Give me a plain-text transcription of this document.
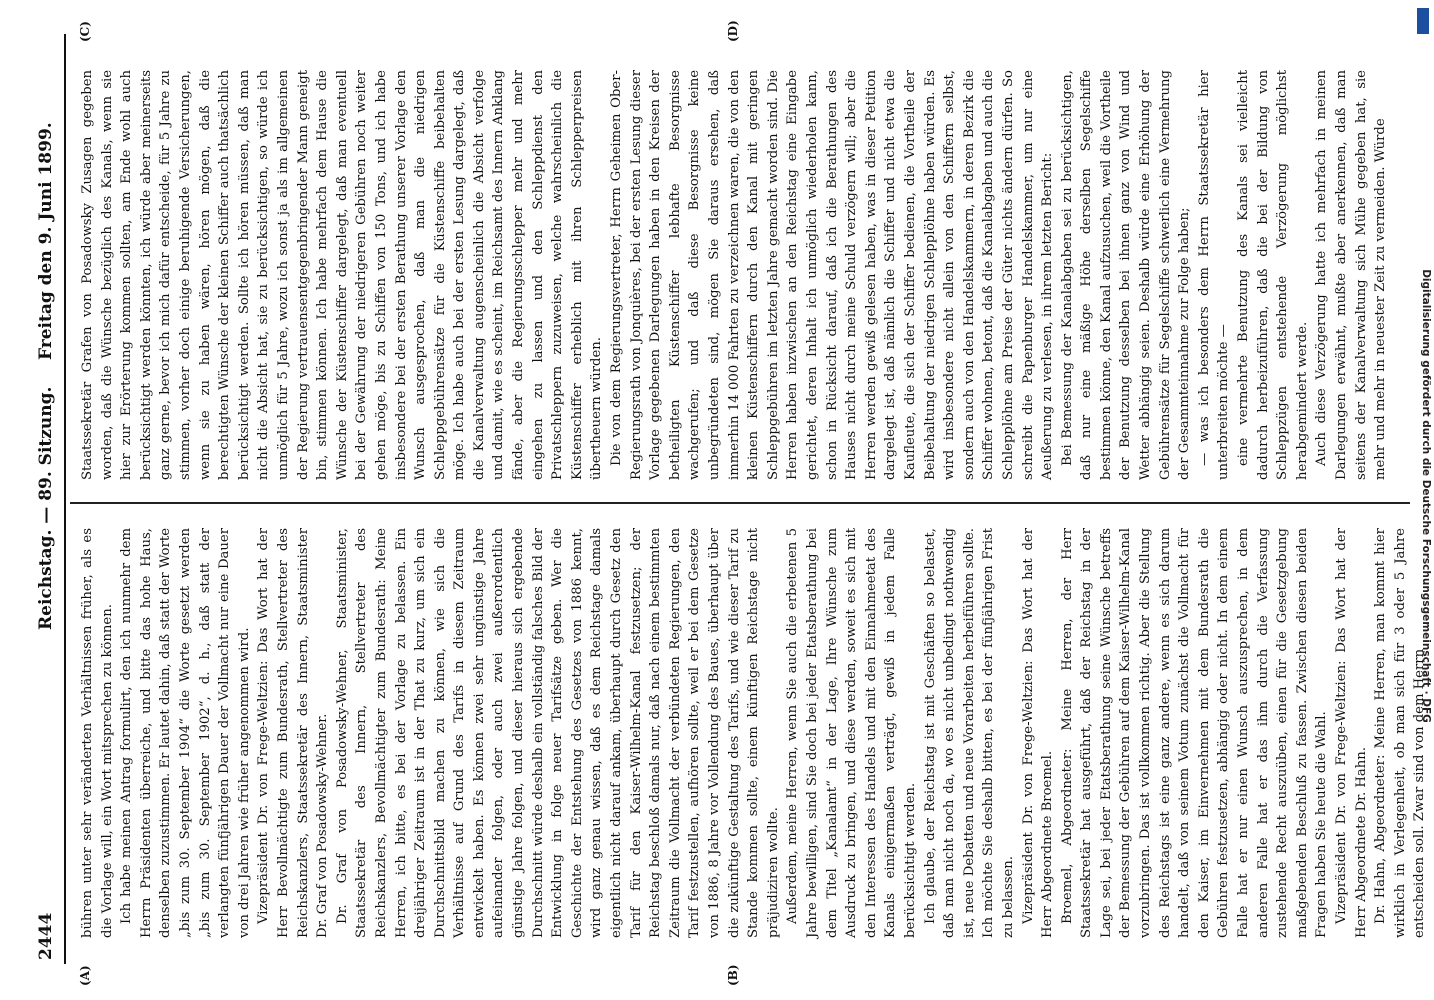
2444
Reichstag. — 89. Sitzung.
Freitag den 9. Juni 1899.
(A)	(B)
(C)	(D)

bühren unter sehr veränderten Verhältnissen früher, als es die Vorlage will, ein Wort mitsprechen zu können. Ich habe meinen Antrag formulirt, den ich nunmehr dem Herrn Präsidenten überreiche, und bitte das hohe Haus, denselben zuzustimmen. Er lautet dahin, daß statt der Worte „bis zum 30. September 1904“ die Worte gesetzt werden „bis zum 30. September 1902“, d. h., daß statt der verlangten fünfjährigen Dauer der Vollmacht nur eine Dauer von drei Jahren wie früher angenommen wird. Vizepräsident Dr. von Frege-Weltzien: Das Wort hat der Herr Bevollmächtigte zum Bundesrath, Stellvertreter des Reichskanzlers, Staatssekretär des Innern, Staatsminister Dr. Graf von Posadowsky-Wehner. Dr. Graf von Posadowsky-Wehner, Staatsminister, Staatssekretär des Innern, Stellvertreter des Reichskanzlers, Bevollmächtigter zum Bundesrath: Meine Herren, ich bitte, es bei der Vorlage zu belassen. Ein dreijähriger Zeitraum ist in der That zu kurz, um sich ein Durchschnittsbild machen zu können, wie sich die Verhältnisse auf Grund des Tarifs in diesem Zeitraum entwickelt haben. Es können zwei sehr ungünstige Jahre aufeinander folgen, oder auch zwei außerordentlich günstige Jahre folgen, und dieser hieraus sich ergebende Durchschnitt würde deshalb ein vollständig falsches Bild der Entwicklung in folge neuer Tarifsätze geben. Wer die Geschichte der Entstehung des Gesetzes von 1886 kennt, wird ganz genau wissen, daß es dem Reichstage damals eigentlich nicht darauf ankam, überhaupt durch Gesetz den Tarif für den Kaiser-Wilhelm-Kanal festzusetzen; der Reichstag beschloß damals nur, daß nach einem bestimmten Zeitraum die Vollmacht der verbündeten Regierungen, den Tarif festzustellen, aufhören sollte, weil er bei dem Gesetze von 1886, 8 Jahre vor Vollendung des Baues, überhaupt über die zukünftige Gestaltung des Tarifs, und wie dieser Tarif zu Stande kommen sollte, einem künftigen Reichstage nicht präjudiziren wollte. Außerdem, meine Herren, wenn Sie auch die erbetenen 5 Jahre bewilligen, sind Sie doch bei jeder Etatsberathung bei dem Titel „Kanalamt“ in der Lage, Ihre Wünsche zum Ausdruck zu bringen, und diese werden, soweit es sich mit den Interessen des Handels und mit den Einnahmeetat des Kanals einigermaßen verträgt, gewiß in jedem Falle berücksichtigt werden. Ich glaube, der Reichstag ist mit Geschäften so belastet, daß man nicht noch da, wo es nicht unbedingt nothwendig ist, neue Debatten und neue Vorarbeiten herbeiführen sollte. Ich möchte Sie deshalb bitten, es bei der fünfjährigen Frist zu belassen. Vizepräsident Dr. von Frege-Weltzien: Das Wort hat der Herr Abgeordnete Broemel. Broemel, Abgeordneter: Meine Herren, der Herr Staatssekretär hat ausgeführt, daß der Reichstag in der Lage sei, bei jeder Etatsberathung seine Wünsche betreffs der Bemessung der Gebühren auf dem Kaiser-Wilhelm-Kanal vorzubringen. Das ist vollkommen richtig. Aber die Stellung des Reichstags ist eine ganz andere, wenn es sich darum handelt, daß von seinem Votum zunächst die Vollmacht für den Kaiser, im Einvernehmen mit dem Bundesrath die Gebühren festzusetzen, abhängig oder nicht. In dem einem Falle hat er nur einen Wunsch auszusprechen, in dem anderen Falle hat er das ihm durch die Verfassung zustehende Recht auszuüben, einen für die Gesetzgebung maßgebenden Beschluß zu fassen. Zwischen diesen beiden Fragen haben Sie heute die Wahl. Vizepräsident Dr. von Frege-Weltzien: Das Wort hat der Herr Abgeordnete Dr. Hahn. Dr. Hahn, Abgeordneter: Meine Herren, man kommt hier wirklich in Verlegenheit, ob man sich für 3 oder 5 Jahre entscheiden soll. Zwar sind von dem Herrn

Staatssekretär Grafen von Posadowsky Zusagen gegeben worden, daß die Wünsche bezüglich des Kanals, wenn sie hier zur Erörterung kommen sollten, am Ende wohl auch berücksichtigt werden könnten, ich würde aber meinerseits ganz gerne, bevor ich mich dafür entscheide, für 5 Jahre zu stimmen, vorher doch einige beruhigende Versicherungen, wenn sie zu haben wären, hören mögen, daß die berechtigten Wünsche der kleinen Schiffer auch thatsächlich berücksichtigt werden. Sollte ich hören müssen, daß man nicht die Absicht hat, sie zu berücksichtigen, so würde ich unmöglich für 5 Jahre, wozu ich sonst ja als im allgemeinen der Regierung vertrauensentgegenbringender Mann geneigt bin, stimmen können. Ich habe mehrfach dem Hause die Wünsche der Küstenschiffer dargelegt, daß man eventuell bei der Gewährung der niedrigeren Gebühren noch weiter gehen möge, bis zu Schiffen von 150 Tons, und ich habe insbesondere bei der ersten Berathung unserer Vorlage den Wunsch ausgesprochen, daß man die niedrigen Schleppgebührensätze für die Küstenschiffe beibehalten möge. Ich habe auch bei der ersten Lesung dargelegt, daß die Kanalverwaltung augenscheinlich die Absicht verfolge und damit, wie es scheint, im Reichsamt des Innern Anklang fände, aber die Regierungsschlepper mehr und mehr eingehen zu lassen und den Schleppdienst den Privatschleppern zuzuweisen, welche wahrscheinlich die Küstenschiffer erheblich mit ihren Schlepperpreisen übertheuern würden. Die von dem Regierungsvertreter, Herrn Geheimen Ober-Regierungsrath von Jonquières, bei der ersten Lesung dieser Vorlage gegebenen Darlegungen haben in den Kreisen der betheiligten Küstenschiffer lebhafte Besorgnisse wachgerufen; und daß diese Besorgnisse keine unbegründeten sind, mögen Sie daraus ersehen, daß immerhin 14 000 Fahrten zu verzeichnen waren, die von den kleinen Küstenschiffern durch den Kanal mit geringen Schleppgebühren im letzten Jahre gemacht worden sind. Die Herren haben inzwischen an den Reichstag eine Eingabe gerichtet, deren Inhalt ich unmöglich wiederholen kann, schon in Rücksicht darauf, daß ich die Berathungen des Hauses nicht durch meine Schuld verzögern will; aber die Herren werden gewiß gelesen haben, was in dieser Petition dargelegt ist, daß nämlich die Schiffer und nicht etwa die Kaufleute, die sich der Schiffer bedienen, die Vortheile der Beibehaltung der niedrigen Schlepplöhne haben würden. Es wird insbesondere nicht allein von den Schiffern selbst, sondern auch von den Handelskammern, in deren Bezirk die Schiffer wohnen, betont, daß die Kanalabgaben und auch die Schlepplöhne am Preise der Güter nichts ändern dürfen. So schreibt die Papenburger Handelskammer, um nur eine Aeußerung zu verlesen, in ihrem letzten Bericht: Bei Bemessung der Kanalabgaben sei zu berücksichtigen, daß nur eine mäßige Höhe derselben Segelschiffe bestimmen könne, den Kanal aufzusuchen, weil die Vortheile der Benutzung desselben bei ihnen ganz von Wind und Wetter abhängig seien. Deshalb würde eine Erhöhung der Gebührensätze für Segelschiffe schwerlich eine Vermehrung der Gesammteinnahme zur Folge haben; — was ich besonders dem Herrn Staatssekretär hier unterbreiten möchte — eine vermehrte Benutzung des Kanals sei vielleicht dadurch herbeizuführen, daß die bei der Bildung von Schleppzügen entstehende Verzögerung möglichst herabgemindert werde. Auch diese Verzögerung hatte ich mehrfach in meinen Darlegungen erwähnt, mußte aber anerkennen, daß man seitens der Kanalverwaltung sich Mühe gegeben hat, sie mehr und mehr in neuester Zeit zu vermeiden. Würde	Digitalisierung gefördert durch die Deutsche Forschungsgemeinschaft · DFG
